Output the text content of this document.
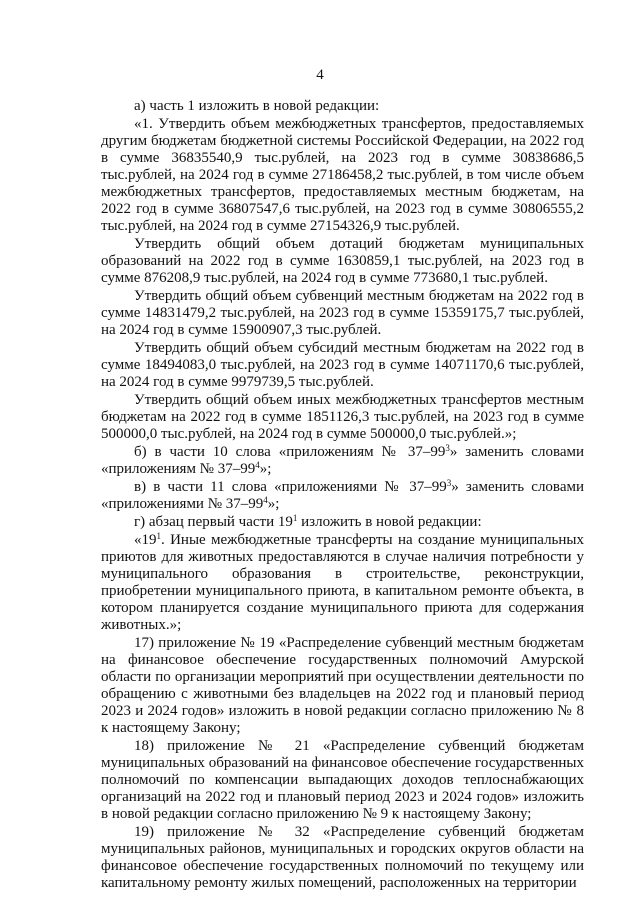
4

а) часть 1 изложить в новой редакции:

«1. Утвердить объем межбюджетных трансфертов, предоставляемых другим бюджетам бюджетной системы Российской Федерации, на 2022 год в сумме 36835540,9 тыс.рублей, на 2023 год в сумме 30838686,5 тыс.рублей, на 2024 год в сумме 27186458,2 тыс.рублей, в том числе объем межбюджетных трансфертов, предоставляемых местным бюджетам, на 2022 год в сумме 36807547,6 тыс.рублей, на 2023 год в сумме 30806555,2 тыс.рублей, на 2024 год в сумме 27154326,9 тыс.рублей.

Утвердить общий объем дотаций бюджетам муниципальных образований на 2022 год в сумме 1630859,1 тыс.рублей, на 2023 год в сумме 876208,9 тыс.рублей, на 2024 год в сумме 773680,1 тыс.рублей.

Утвердить общий объем субвенций местным бюджетам на 2022 год в сумме 14831479,2 тыс.рублей, на 2023 год в сумме 15359175,7 тыс.рублей, на 2024 год в сумме 15900907,3 тыс.рублей.

Утвердить общий объем субсидий местным бюджетам на 2022 год в сумме 18494083,0 тыс.рублей, на 2023 год в сумме 14071170,6 тыс.рублей, на 2024 год в сумме 9979739,5 тыс.рублей.

Утвердить общий объем иных межбюджетных трансфертов местным бюджетам на 2022 год в сумме 1851126,3 тыс.рублей, на 2023 год в сумме 500000,0 тыс.рублей, на 2024 год в сумме 500000,0 тыс.рублей.»;

б) в части 10 слова «приложениям № $37-99^3$» заменить словами «приложениям № $37-99^4$»;

в) в части 11 слова «приложениями № $37-99^3$» заменить словами «приложениями № $37-99^4$»;

г) абзац первый части $19^1$ изложить в новой редакции:

«$19^1$. Иные межбюджетные трансферты на создание муниципальных приютов для животных предоставляются в случае наличия потребности у муниципального образования в строительстве, реконструкции, приобретении муниципального приюта, в капитальном ремонте объекта, в котором планируется создание муниципального приюта для содержания животных.»;

17) приложение № 19 «Распределение субвенций местным бюджетам на финансовое обеспечение государственных полномочий Амурской области по организации мероприятий при осуществлении деятельности по обращению с животными без владельцев на 2022 год и плановый период 2023 и 2024 годов» изложить в новой редакции согласно приложению № 8 к настоящему Закону;

18) приложение № 21 «Распределение субвенций бюджетам муниципальных образований на финансовое обеспечение государственных полномочий по компенсации выпадающих доходов теплоснабжающих организаций на 2022 год и плановый период 2023 и 2024 годов» изложить в новой редакции согласно приложению № 9 к настоящему Закону;

19) приложение № 32 «Распределение субвенций бюджетам муниципальных районов, муниципальных и городских округов области на финансовое обеспечение государственных полномочий по текущему или капитальному ремонту жилых помещений, расположенных на территории
